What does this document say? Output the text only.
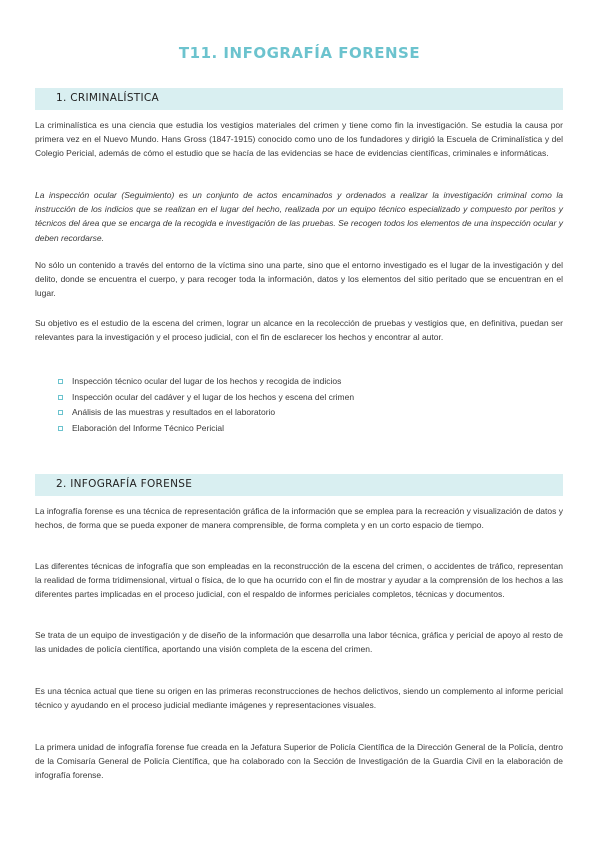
T11. INFOGRAFÍA FORENSE
1. CRIMINALÍSTICA

La criminalística es una ciencia que estudia los vestigios materiales del crimen y tiene como fin la investigación. Se estudia la causa por primera vez en el Nuevo Mundo. Hans Gross (1847-1915) conocido como uno de los fundadores y dirigió la Escuela de Criminalística y del Colegio Pericial, además de cómo el estudio que se hacía de las evidencias se hace de evidencias científicas, criminales e informáticas.

La inspección ocular (Seguimiento) es un conjunto de actos encaminados y ordenados a realizar la investigación criminal como la instrucción de los indicios que se realizan en el lugar del hecho, realizada por un equipo técnico especializado y compuesto por peritos y técnicos del área que se encarga de la recogida e investigación de las pruebas. Se recogen todos los elementos de una inspección ocular y deben recordarse.

No sólo un contenido a través del entorno de la víctima sino una parte, sino que el entorno investigado es el lugar de la investigación y del delito, donde se encuentra el cuerpo, y para recoger toda la información, datos y los elementos del sitio peritado que se encuentran en el lugar.

Su objetivo es el estudio de la escena del crimen, lograr un alcance en la recolección de pruebas y vestigios que, en definitiva, puedan ser relevantes para la investigación y el proceso judicial, con el fin de esclarecer los hechos y encontrar al autor.

Inspección técnico ocular del lugar de los hechos y recogida de indicios
Inspección ocular del cadáver y el lugar de los hechos y escena del crimen
Análisis de las muestras y resultados en el laboratorio
Elaboración del Informe Técnico Pericial
2. INFOGRAFÍA FORENSE

La infografía forense es una técnica de representación gráfica de la información que se emplea para la recreación y visualización de datos y hechos, de forma que se pueda exponer de manera comprensible, de forma completa y en un corto espacio de tiempo.

Las diferentes técnicas de infografía que son empleadas en la reconstrucción de la escena del crimen, o accidentes de tráfico, representan la realidad de forma tridimensional, virtual o física, de lo que ha ocurrido con el fin de mostrar y ayudar a la comprensión de los hechos a las diferentes partes implicadas en el proceso judicial, con el respaldo de informes periciales completos, técnicas y documentos.

Se trata de un equipo de investigación y de diseño de la información que desarrolla una labor técnica, gráfica y pericial de apoyo al resto de las unidades de policía científica, aportando una visión completa de la escena del crimen.

Es una técnica actual que tiene su origen en las primeras reconstrucciones de hechos delictivos, siendo un complemento al informe pericial técnico y ayudando en el proceso judicial mediante imágenes y representaciones visuales.

La primera unidad de infografía forense fue creada en la Jefatura Superior de Policía Científica de la Dirección General de la Policía, dentro de la Comisaría General de Policía Científica, que ha colaborado con la Sección de Investigación de la Guardia Civil en la elaboración de infografía forense.
